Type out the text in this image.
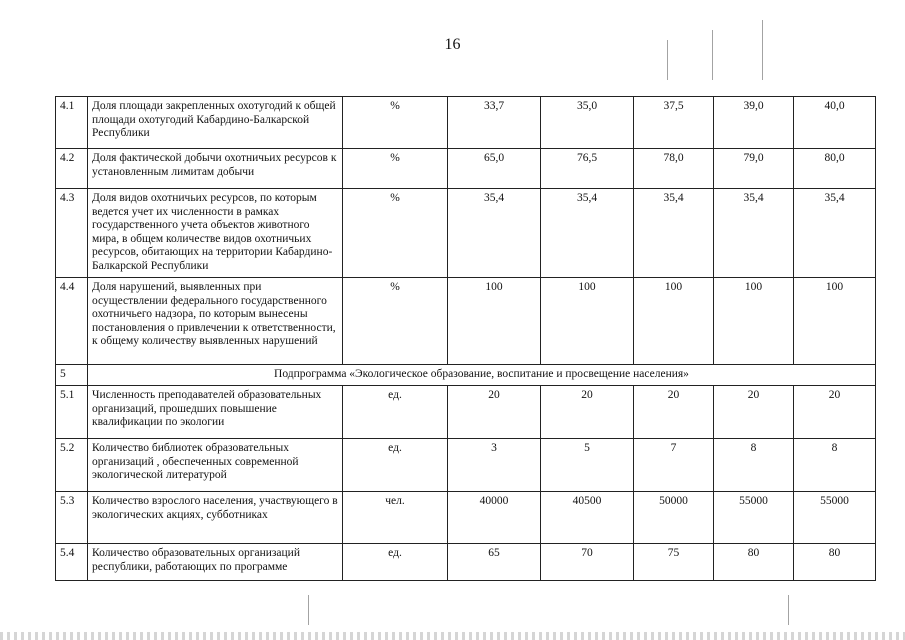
16
4.1	Доля площади закрепленных охотугодий к общей площади охотугодий Кабардино-Балкарской Республики	%	33,7	35,0	37,5	39,0	40,0
4.2	Доля фактической добычи охотничьих ресурсов к установленным лимитам добычи	%	65,0	76,5	78,0	79,0	80,0
4.3	Доля видов охотничьих ресурсов, по которым ведется учет их численности в рамках государственного учета объектов животного мира, в общем количестве видов охотничьих ресурсов, обитающих на территории Кабардино-Балкарской Республики	%	35,4	35,4	35,4	35,4	35,4
4.4	Доля нарушений, выявленных при осуществлении федерального государственного охотничьего надзора, по которым вынесены постановления о привлечении к ответственности, к общему количеству выявленных нарушений	%	100	100	100	100	100
5	Подпрограмма «Экологическое образование, воспитание и просвещение населения»						
5.1	Численность преподавателей образовательных организаций, прошедших повышение квалификации по экологии	ед.	20	20	20	20	20
5.2	Количество библиотек образовательных организаций , обеспеченных современной экологической литературой	ед.	3	5	7	8	8
5.3	Количество взрослого населения, участвующего в экологических акциях, субботниках	чел.	40000	40500	50000	55000	55000
5.4	Количество образовательных организаций республики, работающих по программе	ед.	65	70	75	80	80
